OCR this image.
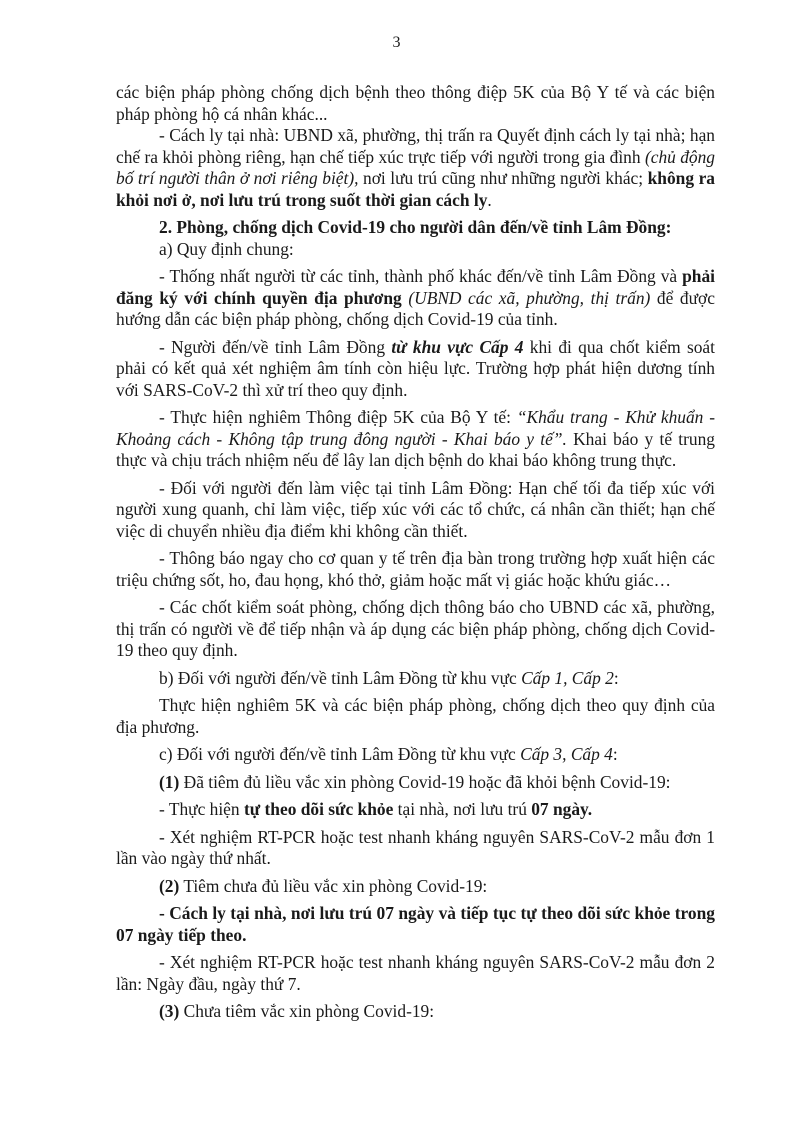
3

các biện pháp phòng chống dịch bệnh theo thông điệp 5K của Bộ Y tế và các biện pháp phòng hộ cá nhân khác...

- Cách ly tại nhà: UBND xã, phường, thị trấn ra Quyết định cách ly tại nhà; hạn chế ra khỏi phòng riêng, hạn chế tiếp xúc trực tiếp với người trong gia đình (chủ động bố trí người thân ở nơi riêng biệt), nơi lưu trú cũng như những người khác; không ra khỏi nơi ở, nơi lưu trú trong suốt thời gian cách ly.

2. Phòng, chống dịch Covid-19 cho người dân đến/về tỉnh Lâm Đồng:

a) Quy định chung:

- Thống nhất người từ các tỉnh, thành phố khác đến/về tỉnh Lâm Đồng và phải đăng ký với chính quyền địa phương (UBND các xã, phường, thị trấn) để được hướng dẫn các biện pháp phòng, chống dịch Covid-19 của tỉnh.

- Người đến/về tỉnh Lâm Đồng từ khu vực Cấp 4 khi đi qua chốt kiểm soát phải có kết quả xét nghiệm âm tính còn hiệu lực. Trường hợp phát hiện dương tính với SARS-CoV-2 thì xử trí theo quy định.

- Thực hiện nghiêm Thông điệp 5K của Bộ Y tế: “Khẩu trang - Khử khuẩn - Khoảng cách - Không tập trung đông người - Khai báo y tế”. Khai báo y tế trung thực và chịu trách nhiệm nếu để lây lan dịch bệnh do khai báo không trung thực.

- Đối với người đến làm việc tại tỉnh Lâm Đồng: Hạn chế tối đa tiếp xúc với người xung quanh, chỉ làm việc, tiếp xúc với các tổ chức, cá nhân cần thiết; hạn chế việc di chuyển nhiều địa điểm khi không cần thiết.

- Thông báo ngay cho cơ quan y tế trên địa bàn trong trường hợp xuất hiện các triệu chứng sốt, ho, đau họng, khó thở, giảm hoặc mất vị giác hoặc khứu giác…

- Các chốt kiểm soát phòng, chống dịch thông báo cho UBND các xã, phường, thị trấn có người về để tiếp nhận và áp dụng các biện pháp phòng, chống dịch Covid-19 theo quy định.

b) Đối với người đến/về tỉnh Lâm Đồng từ khu vực Cấp 1, Cấp 2:

Thực hiện nghiêm 5K và các biện pháp phòng, chống dịch theo quy định của địa phương.

c) Đối với người đến/về tỉnh Lâm Đồng từ khu vực Cấp 3, Cấp 4:

(1) Đã tiêm đủ liều vắc xin phòng Covid-19 hoặc đã khỏi bệnh Covid-19:

- Thực hiện tự theo dõi sức khỏe tại nhà, nơi lưu trú 07 ngày.

- Xét nghiệm RT-PCR hoặc test nhanh kháng nguyên SARS-CoV-2 mẫu đơn 1 lần vào ngày thứ nhất.

(2) Tiêm chưa đủ liều vắc xin phòng Covid-19:

- Cách ly tại nhà, nơi lưu trú 07 ngày và tiếp tục tự theo dõi sức khỏe trong 07 ngày tiếp theo.

- Xét nghiệm RT-PCR hoặc test nhanh kháng nguyên SARS-CoV-2 mẫu đơn 2 lần: Ngày đầu, ngày thứ 7.

(3) Chưa tiêm vắc xin phòng Covid-19:
